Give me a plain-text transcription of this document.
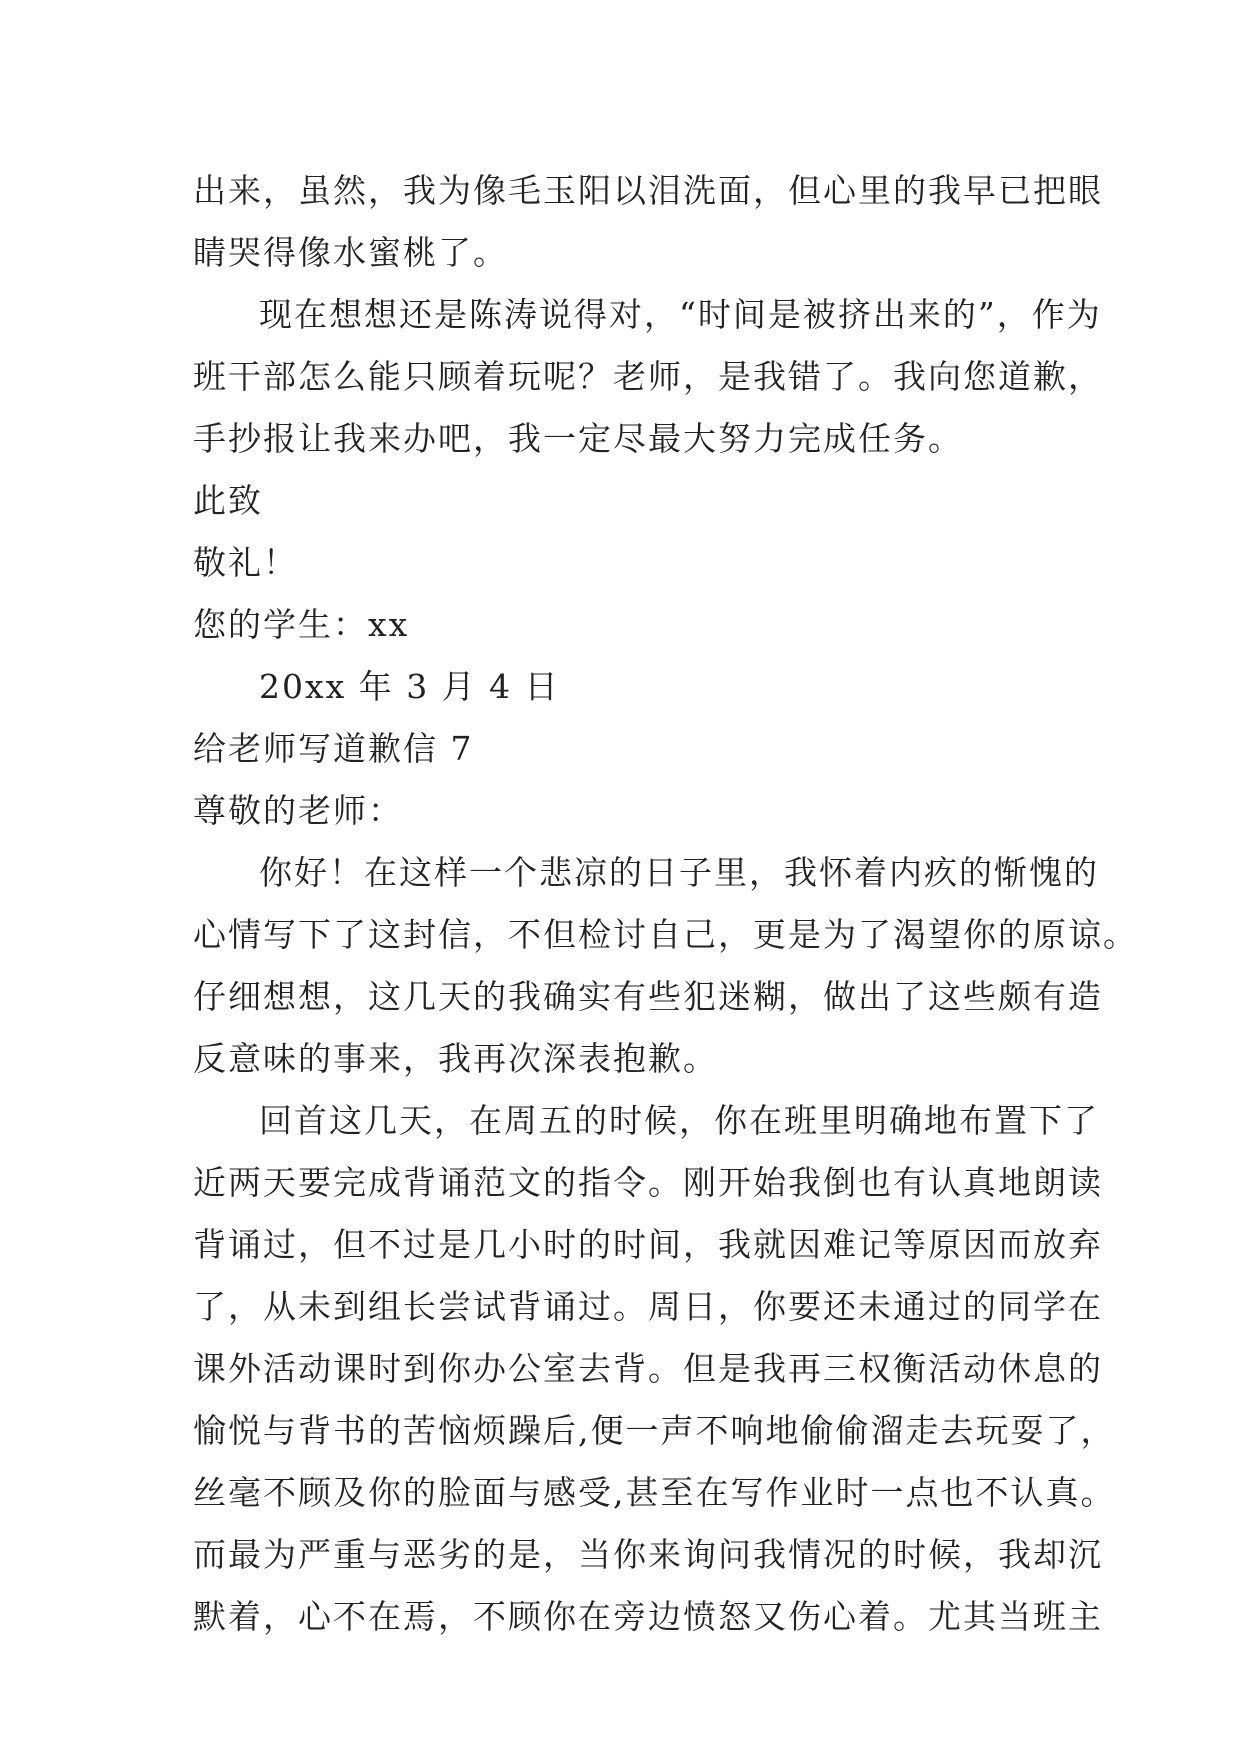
出来，虽然，我为像毛玉阳以泪洗面，但心里的我早已把眼
睛哭得像水蜜桃了。
现在想想还是陈涛说得对，“时间是被挤出来的”，作为
班干部怎么能只顾着玩呢？老师，是我错了。我向您道歉，
手抄报让我来办吧，我一定尽最大努力完成任务。
此致
敬礼！
您的学生：xx
20xx 年 3 月 4 日
给老师写道歉信 7
尊敬的老师：
你好！在这样一个悲凉的日子里，我怀着内疚的惭愧的
心情写下了这封信，不但检讨自己，更是为了渴望你的原谅。
仔细想想，这几天的我确实有些犯迷糊，做出了这些颇有造
反意味的事来，我再次深表抱歉。
回首这几天，在周五的时候，你在班里明确地布置下了
近两天要完成背诵范文的指令。刚开始我倒也有认真地朗读
背诵过，但不过是几小时的时间，我就因难记等原因而放弃
了，从未到组长尝试背诵过。周日，你要还未通过的同学在
课外活动课时到你办公室去背。但是我再三权衡活动休息的
愉悦与背书的苦恼烦躁后,便一声不响地偷偷溜走去玩耍了，
丝毫不顾及你的脸面与感受,甚至在写作业时一点也不认真。
而最为严重与恶劣的是，当你来询问我情况的时候，我却沉
默着，心不在焉，不顾你在旁边愤怒又伤心着。尤其当班主
